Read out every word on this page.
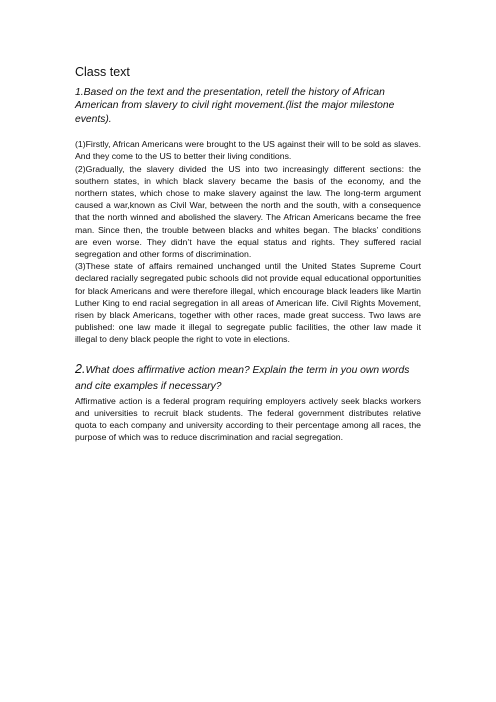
Class text
1.Based on the text and the presentation, retell the history of African American from slavery to civil right movement.(list the major milestone events).

(1)Firstly, African Americans were brought to the US against their will to be sold as slaves. And they come to the US to better their living conditions.

(2)Gradually, the slavery divided the US into two increasingly different sections: the southern states, in which black slavery became the basis of the economy, and the northern states, which chose to make slavery against the law. The long-term argument caused a war,known as Civil War, between the north and the south, with a consequence that the north winned and abolished the slavery. The African Americans became the free man. Since then, the trouble between blacks and whites began. The blacks’ conditions are even worse. They didn’t have the equal status and rights. They suffered racial segregation and other forms of discrimination.

(3)These state of affairs remained unchanged until the United States Supreme Court declared racially segregated pubic schools did not provide equal educational opportunities for black Americans and were therefore illegal, which encourage black leaders like Martin Luther King to end racial segregation in all areas of American life. Civil Rights Movement, risen by black Americans, together with other races, made great success. Two laws are published: one law made it illegal to segregate public facilities, the other law made it illegal to deny black people the right to vote in elections.

2.What does affirmative action mean? Explain the term in you own words and cite examples if necessary?

Affirmative action is a federal program requiring employers actively seek blacks workers and universities to recruit black students. The federal government distributes relative quota to each company and university according to their percentage among all races, the purpose of which was to reduce discrimination and racial segregation.
